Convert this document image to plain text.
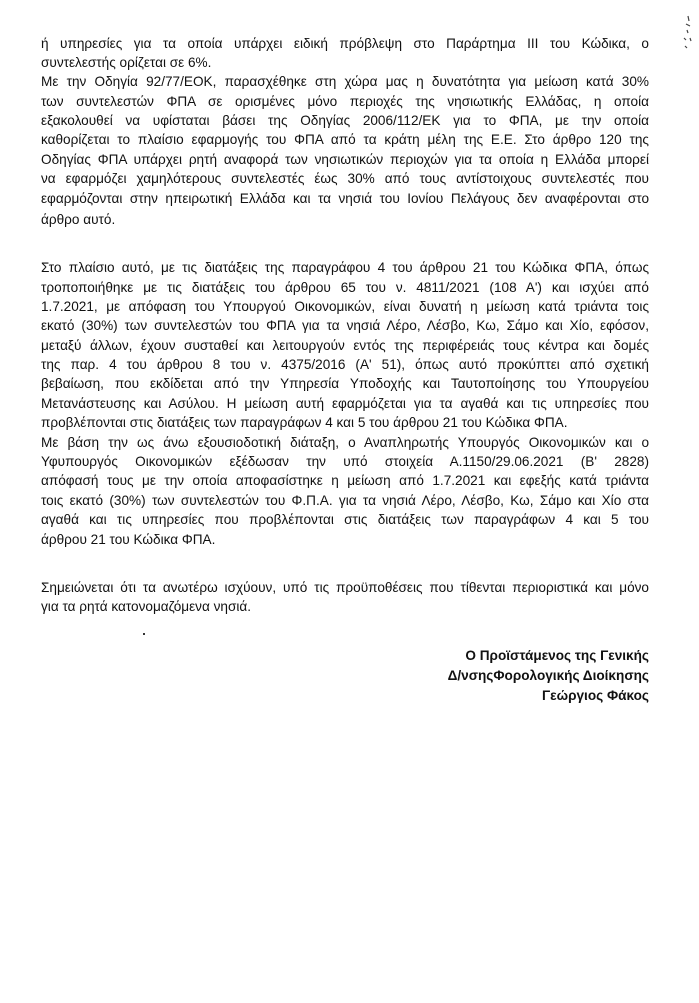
ή υπηρεσίες για τα οποία υπάρχει ειδική πρόβλεψη στο Παράρτημα ΙΙΙ του Κώδικα, ο
συντελεστής ορίζεται σε 6%.
Με την Οδηγία 92/77/ΕΟΚ, παρασχέθηκε στη χώρα μας η δυνατότητα για μείωση κατά 30%
των συντελεστών ΦΠΑ σε ορισμένες μόνο περιοχές της νησιωτικής Ελλάδας, η οποία
εξακολουθεί να υφίσταται βάσει της Οδηγίας 2006/112/ΕΚ για το ΦΠΑ, με την οποία
καθορίζεται το πλαίσιο εφαρμογής του ΦΠΑ από τα κράτη μέλη της Ε.Ε. Στο άρθρο 120 της
Οδηγίας ΦΠΑ υπάρχει ρητή αναφορά των νησιωτικών περιοχών για τα οποία η Ελλάδα μπορεί
να εφαρμόζει χαμηλότερους συντελεστές έως 30% από τους αντίστοιχους συντελεστές που
εφαρμόζονται στην ηπειρωτική Ελλάδα και τα νησιά του Ιονίου Πελάγους δεν αναφέρονται στο
άρθρο αυτό.
Στο πλαίσιο αυτό, με τις διατάξεις της παραγράφου 4 του άρθρου 21 του Κώδικα ΦΠΑ, όπως
τροποποιήθηκε με τις διατάξεις του άρθρου 65 του ν. 4811/2021 (108 Α') και ισχύει από
1.7.2021, με απόφαση του Υπουργού Οικονομικών, είναι δυνατή η μείωση κατά τριάντα τοις
εκατό (30%) των συντελεστών του ΦΠΑ για τα νησιά Λέρο, Λέσβο, Κω, Σάμο και Χίο, εφόσον,
μεταξύ άλλων, έχουν συσταθεί και λειτουργούν εντός της περιφέρειάς τους κέντρα και δομές
της παρ. 4 του άρθρου 8 του ν. 4375/2016 (Α' 51), όπως αυτό προκύπτει από σχετική
βεβαίωση, που εκδίδεται από την Υπηρεσία Υποδοχής και Ταυτοποίησης του Υπουργείου
Μετανάστευσης και Ασύλου. Η μείωση αυτή εφαρμόζεται για τα αγαθά και τις υπηρεσίες που
προβλέπονται στις διατάξεις των παραγράφων 4 και 5 του άρθρου 21 του Κώδικα ΦΠΑ.
Με βάση την ως άνω εξουσιοδοτική διάταξη, ο Αναπληρωτής Υπουργός Οικονομικών και ο
Υφυπουργός Οικονομικών εξέδωσαν την υπό στοιχεία Α.1150/29.06.2021 (Β' 2828)
απόφασή τους με την οποία αποφασίστηκε η μείωση από 1.7.2021 και εφεξής κατά τριάντα
τοις εκατό (30%) των συντελεστών του Φ.Π.Α. για τα νησιά Λέρο, Λέσβο, Κω, Σάμο και Χίο στα
αγαθά και τις υπηρεσίες που προβλέπονται στις διατάξεις των παραγράφων 4 και 5 του
άρθρου 21 του Κώδικα ΦΠΑ.
Σημειώνεται ότι τα ανωτέρω ισχύουν, υπό τις προϋποθέσεις που τίθενται περιοριστικά και μόνο
για τα ρητά κατονομαζόμενα νησιά.
Ο Προϊστάμενος της Γενικής
Δ/νσηςΦορολογικής Διοίκησης
Γεώργιος Φάκος
